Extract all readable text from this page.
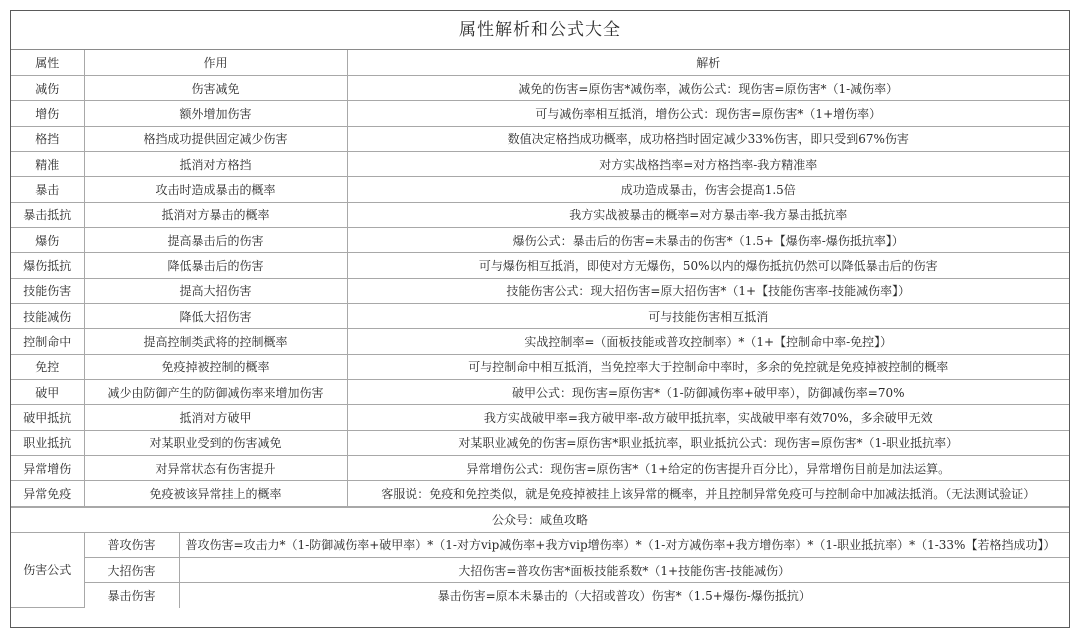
属性解析和公式大全
属性	作用	解析
减伤	伤害减免	减免的伤害=原伤害*减伤率，减伤公式：现伤害=原伤害*（1-减伤率）
增伤	额外增加伤害	可与减伤率相互抵消，增伤公式：现伤害=原伤害*（1+增伤率）
格挡	格挡成功提供固定减少伤害	数值决定格挡成功概率，成功格挡时固定减少33%伤害，即只受到67%伤害
精准	抵消对方格挡	对方实战格挡率=对方格挡率-我方精准率
暴击	攻击时造成暴击的概率	成功造成暴击，伤害会提高1.5倍
暴击抵抗	抵消对方暴击的概率	我方实战被暴击的概率=对方暴击率-我方暴击抵抗率
爆伤	提高暴击后的伤害	爆伤公式：暴击后的伤害=未暴击的伤害*（1.5+【爆伤率-爆伤抵抗率】）
爆伤抵抗	降低暴击后的伤害	可与爆伤相互抵消，即使对方无爆伤，50%以内的爆伤抵抗仍然可以降低暴击后的伤害
技能伤害	提高大招伤害	技能伤害公式：现大招伤害=原大招伤害*（1+【技能伤害率-技能减伤率】）
技能减伤	降低大招伤害	可与技能伤害相互抵消
控制命中	提高控制类武将的控制概率	实战控制率=（面板技能或普攻控制率）*（1+【控制命中率-免控】）
免控	免疫掉被控制的概率	可与控制命中相互抵消，当免控率大于控制命中率时，多余的免控就是免疫掉被控制的概率
破甲	减少由防御产生的防御减伤率来增加伤害	破甲公式：现伤害=原伤害*（1-防御减伤率+破甲率），防御减伤率=70%
破甲抵抗	抵消对方破甲	我方实战破甲率=我方破甲率-敌方破甲抵抗率，实战破甲率有效70%，多余破甲无效
职业抵抗	对某职业受到的伤害减免	对某职业减免的伤害=原伤害*职业抵抗率，职业抵抗公式：现伤害=原伤害*（1-职业抵抗率）
异常增伤	对异常状态有伤害提升	异常增伤公式：现伤害=原伤害*（1+给定的伤害提升百分比），异常增伤目前是加法运算。
异常免疫	免疫被该异常挂上的概率	客服说：免疫和免控类似，就是免疫掉被挂上该异常的概率，并且控制异常免疫可与控制命中加减法抵消。（无法测试验证）
公众号：咸鱼攻略
伤害公式	普攻伤害	普攻伤害=攻击力*（1-防御减伤率+破甲率）*（1-对方vip减伤率+我方vip增伤率）*（1-对方减伤率+我方增伤率）*（1-职业抵抗率）*（1-33%【若格挡成功】）
	大招伤害	大招伤害=普攻伤害*面板技能系数*（1+技能伤害-技能减伤）
	暴击伤害	暴击伤害=原本未暴击的（大招或普攻）伤害*（1.5+爆伤-爆伤抵抗）
